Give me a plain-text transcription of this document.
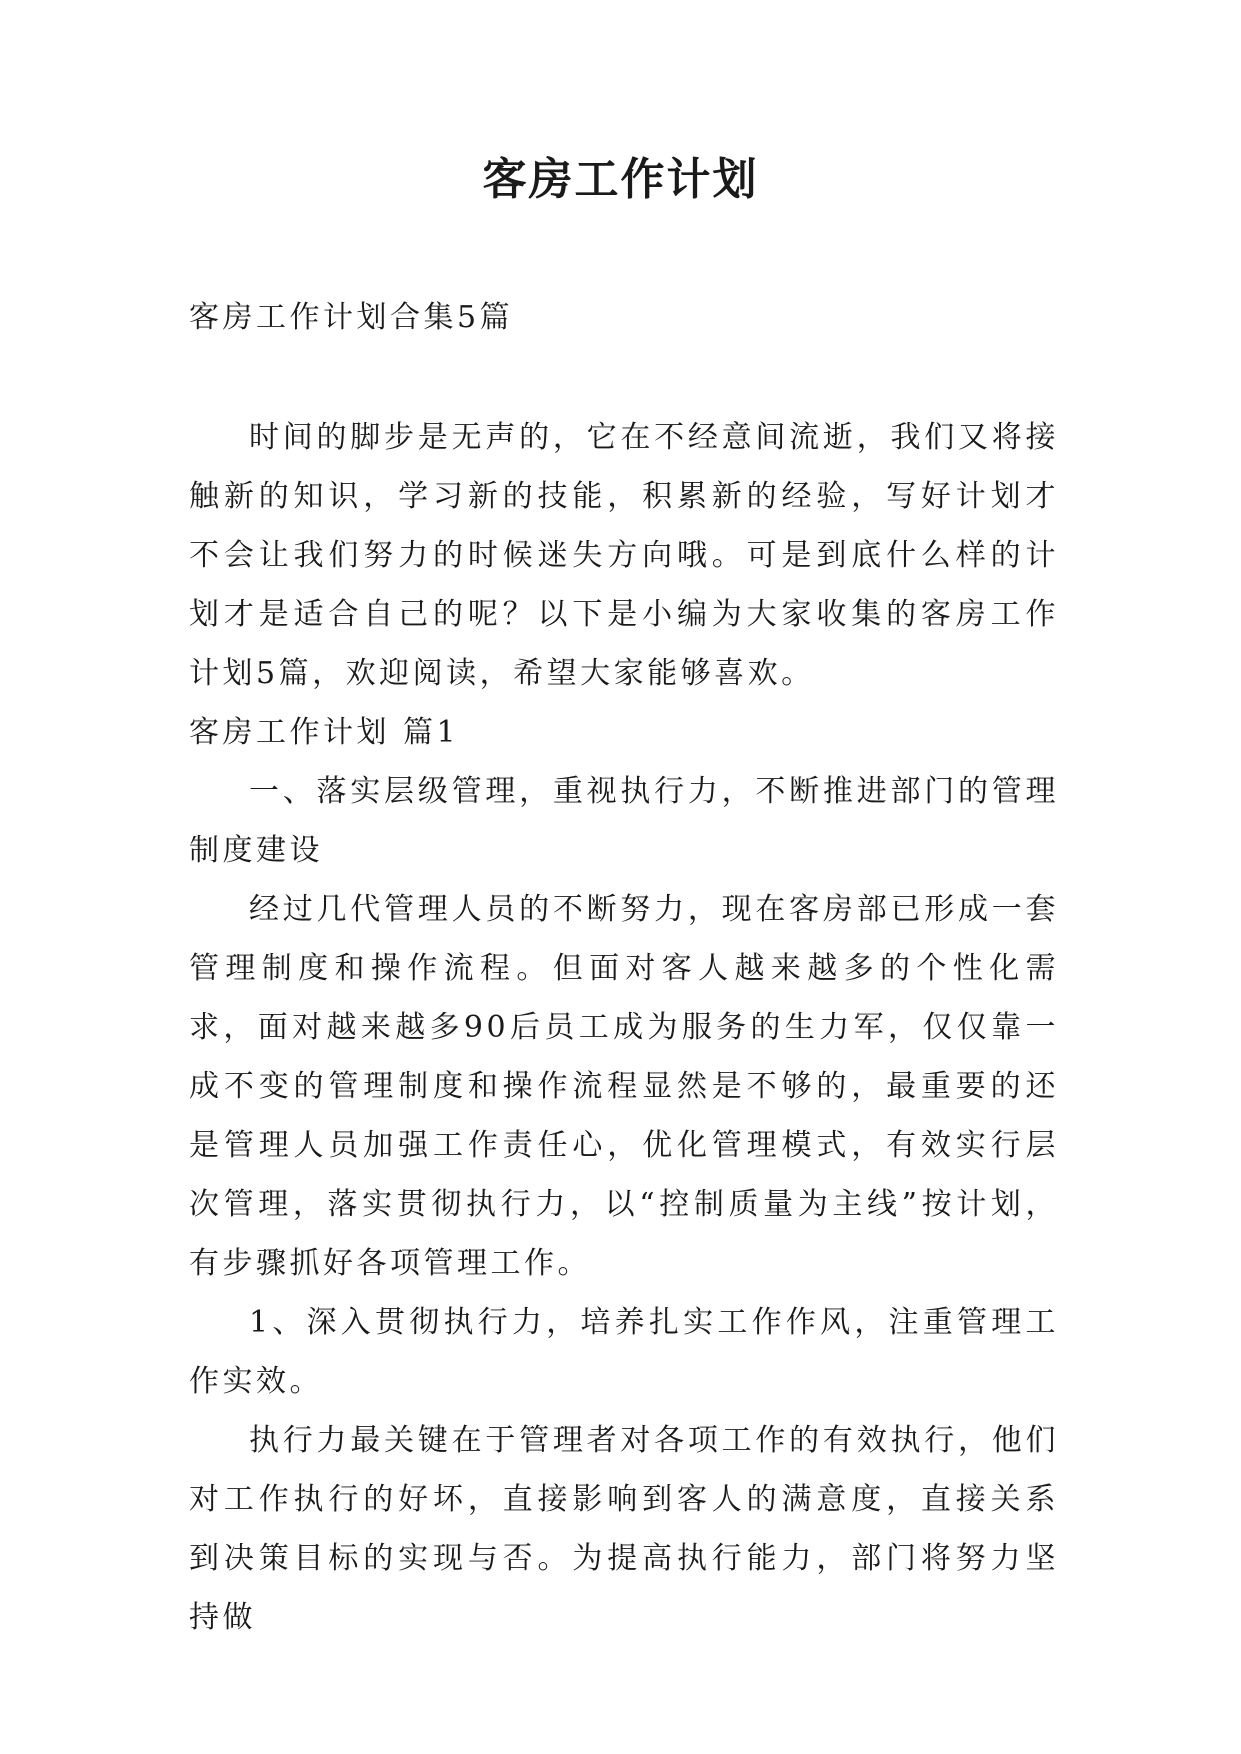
客房工作计划
客房工作计划合集5篇

时间的脚步是无声的，它在不经意间流逝，我们又将接触新的知识，学习新的技能，积累新的经验，写好计划才不会让我们努力的时候迷失方向哦。可是到底什么样的计划才是适合自己的呢？以下是小编为大家收集的客房工作计划5篇，欢迎阅读，希望大家能够喜欢。

客房工作计划 篇1

一、落实层级管理，重视执行力，不断推进部门的管理制度建设

经过几代管理人员的不断努力，现在客房部已形成一套管理制度和操作流程。但面对客人越来越多的个性化需求，面对越来越多90后员工成为服务的生力军，仅仅靠一成不变的管理制度和操作流程显然是不够的，最重要的还是管理人员加强工作责任心，优化管理模式，有效实行层次管理，落实贯彻执行力，以“控制质量为主线”按计划，有步骤抓好各项管理工作。

1、深入贯彻执行力，培养扎实工作作风，注重管理工作实效。

执行力最关键在于管理者对各项工作的有效执行，他们对工作执行的好坏，直接影响到客人的满意度，直接关系到决策目标的实现与否。为提高执行能力，部门将努力坚持做
